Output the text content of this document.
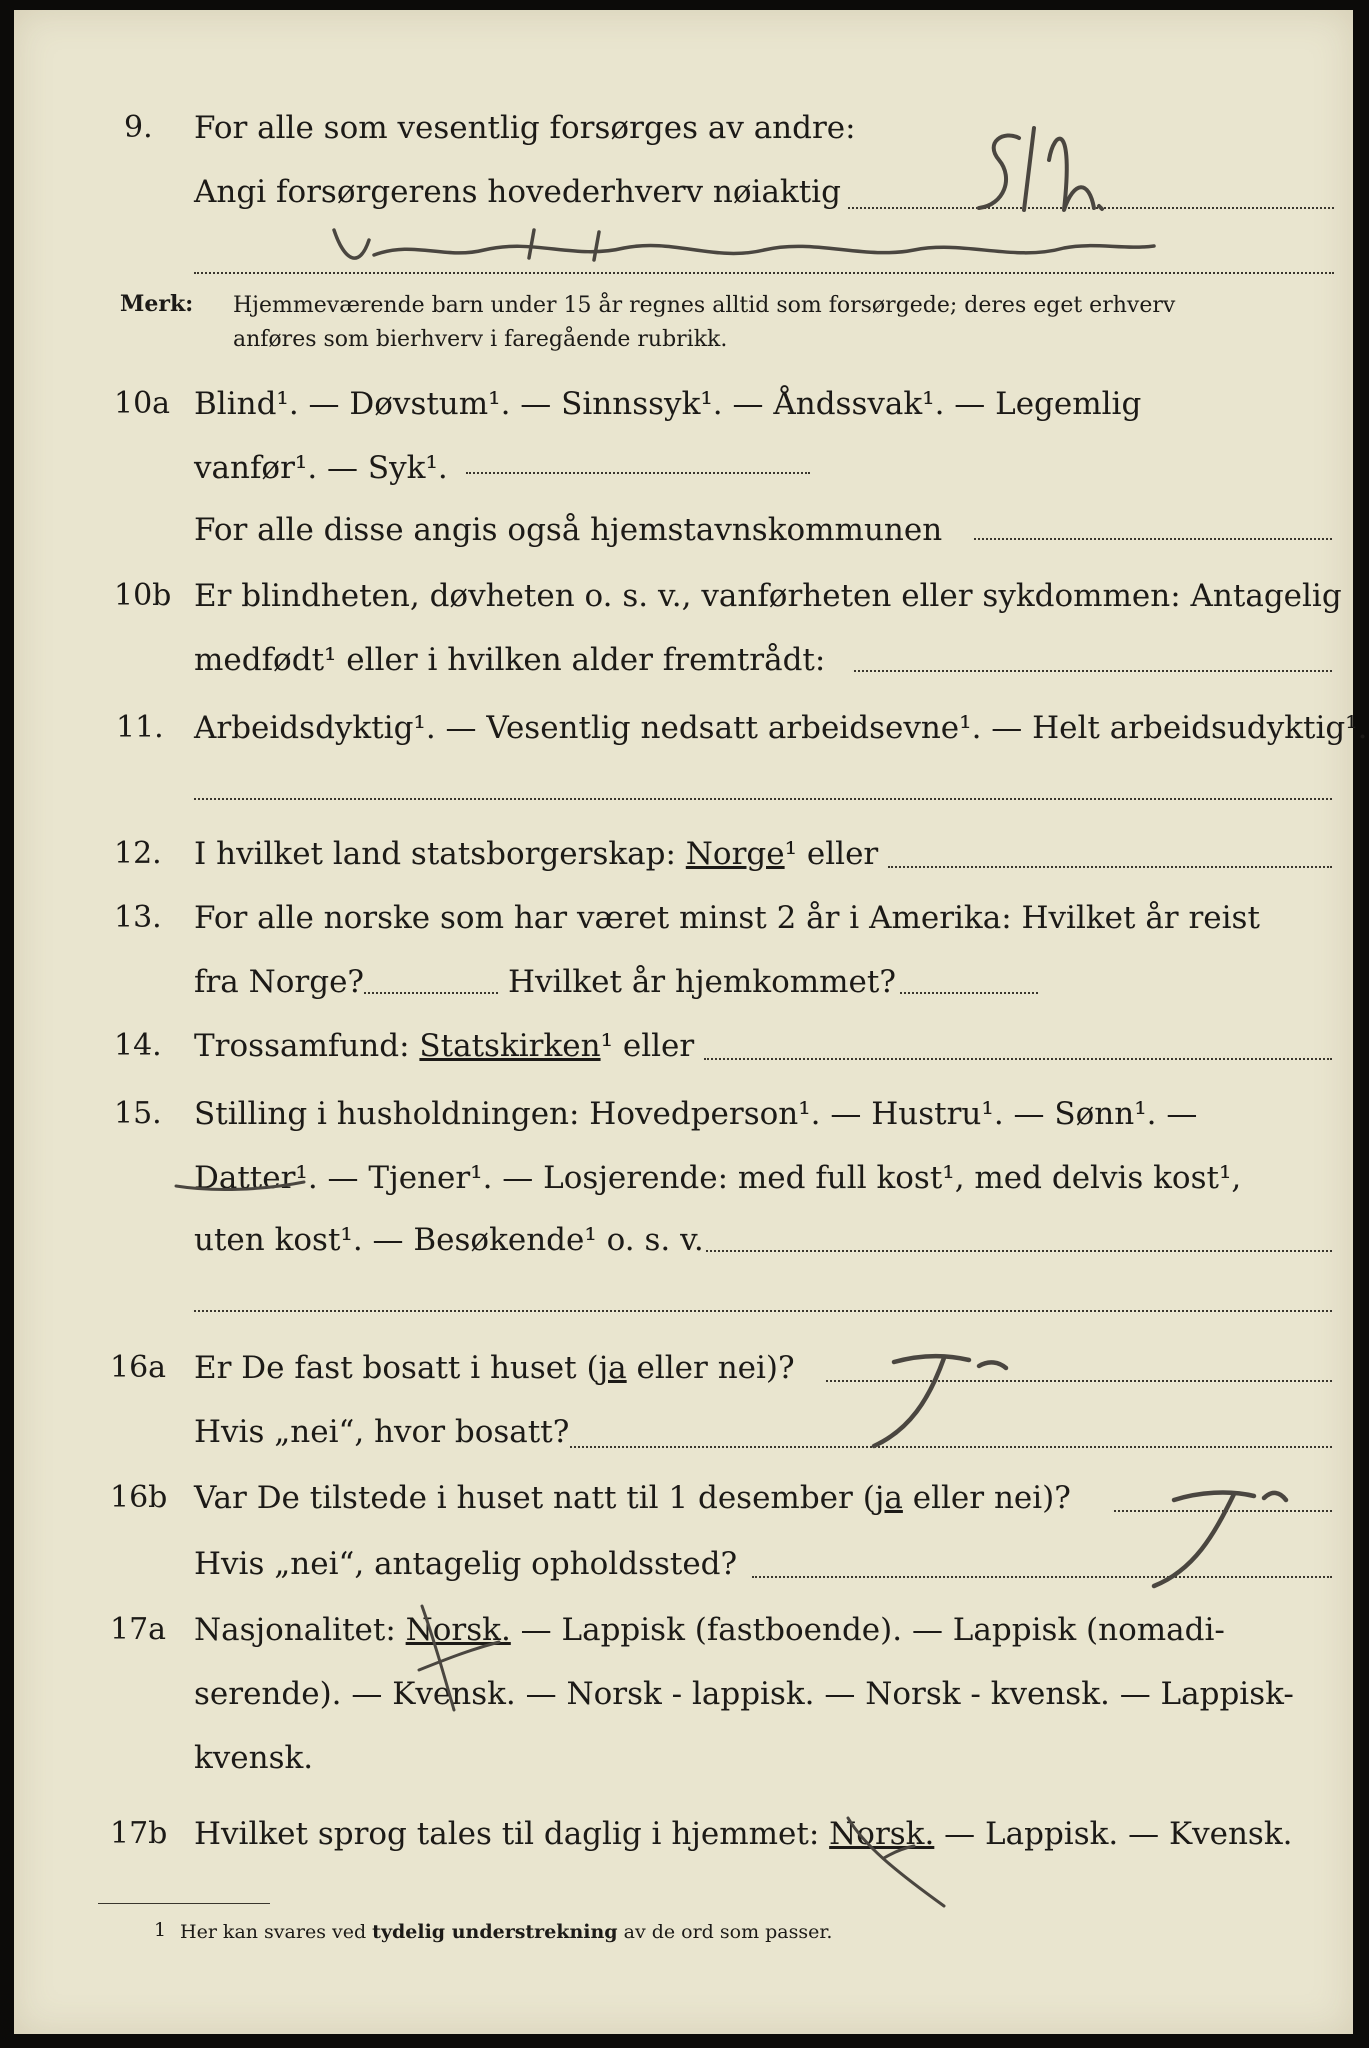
9. For alle som vesentlig forsørges av andre:
Angi forsørgerens hovederhverv nøiaktig
Merk: Hjemmeværende barn under 15 år regnes alltid som forsørgede; deres eget erhverv
anføres som bierhverv i faregående rubrikk.
10a Blind¹. — Døvstum¹. — Sinnssyk¹. — Åndssvak¹. — Legemlig
vanfør¹. — Syk¹.
For alle disse angis også hjemstavnskommunen
10b Er blindheten, døvheten o. s. v., vanførheten eller sykdommen: Antagelig
medfødt¹ eller i hvilken alder fremtrådt:
11. Arbeidsdyktig¹. — Vesentlig nedsatt arbeidsevne¹. — Helt arbeidsudyktig¹.
12. I hvilket land statsborgerskap: Norge¹ eller
13. For alle norske som har været minst 2 år i Amerika: Hvilket år reist
fra Norge?	Hvilket år hjemkommet?
14. Trossamfund: Statskirken¹ eller
15. Stilling i husholdningen: Hovedperson¹. — Hustru¹. — Sønn¹. —
Datter¹. — Tjener¹. — Losjerende: med full kost¹, med delvis kost¹,
uten kost¹. — Besøkende¹ o. s. v.
16a Er De fast bosatt i huset (ja eller nei)?
Hvis „nei“, hvor bosatt?
16b Var De tilstede i huset natt til 1 desember (ja eller nei)?
Hvis „nei“, antagelig opholdssted?
17a Nasjonalitet: Norsk. — Lappisk (fastboende). — Lappisk (nomadi-
serende). — Kvensk. — Norsk - lappisk. — Norsk - kvensk. — Lappisk-
kvensk.
17b Hvilket sprog tales til daglig i hjemmet: Norsk. — Lappisk. — Kvensk.
1 Her kan svares ved tydelig understrekning av de ord som passer.
